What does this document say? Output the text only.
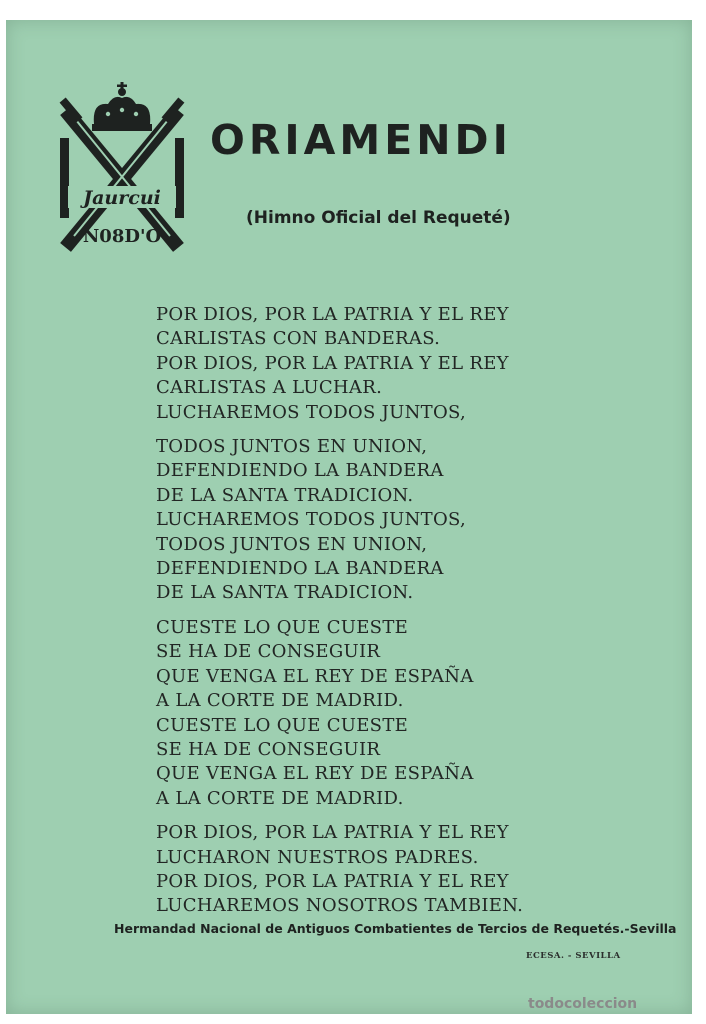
Jaurcui
N08D'O
ORIAMENDI
(Himno Oficial del Requeté)
POR DIOS, POR LA PATRIA Y EL REY
CARLISTAS CON BANDERAS.
POR DIOS, POR LA PATRIA Y EL REY
CARLISTAS A LUCHAR.
LUCHAREMOS TODOS JUNTOS,
TODOS JUNTOS EN UNION,
DEFENDIENDO LA BANDERA
DE LA SANTA TRADICION.
LUCHAREMOS TODOS JUNTOS,
TODOS JUNTOS EN UNION,
DEFENDIENDO LA BANDERA
DE LA SANTA TRADICION.
CUESTE LO QUE CUESTE
SE HA DE CONSEGUIR
QUE VENGA EL REY DE ESPAÑA
A LA CORTE DE MADRID.
CUESTE LO QUE CUESTE
SE HA DE CONSEGUIR
QUE VENGA EL REY DE ESPAÑA
A LA CORTE DE MADRID.
POR DIOS, POR LA PATRIA Y EL REY
LUCHARON NUESTROS PADRES.
POR DIOS, POR LA PATRIA Y EL REY
LUCHAREMOS NOSOTROS TAMBIEN.
Hermandad Nacional de Antiguos Combatientes de Tercios de Requetés.-Sevilla
ECESA. - SEVILLA
todocoleccion
